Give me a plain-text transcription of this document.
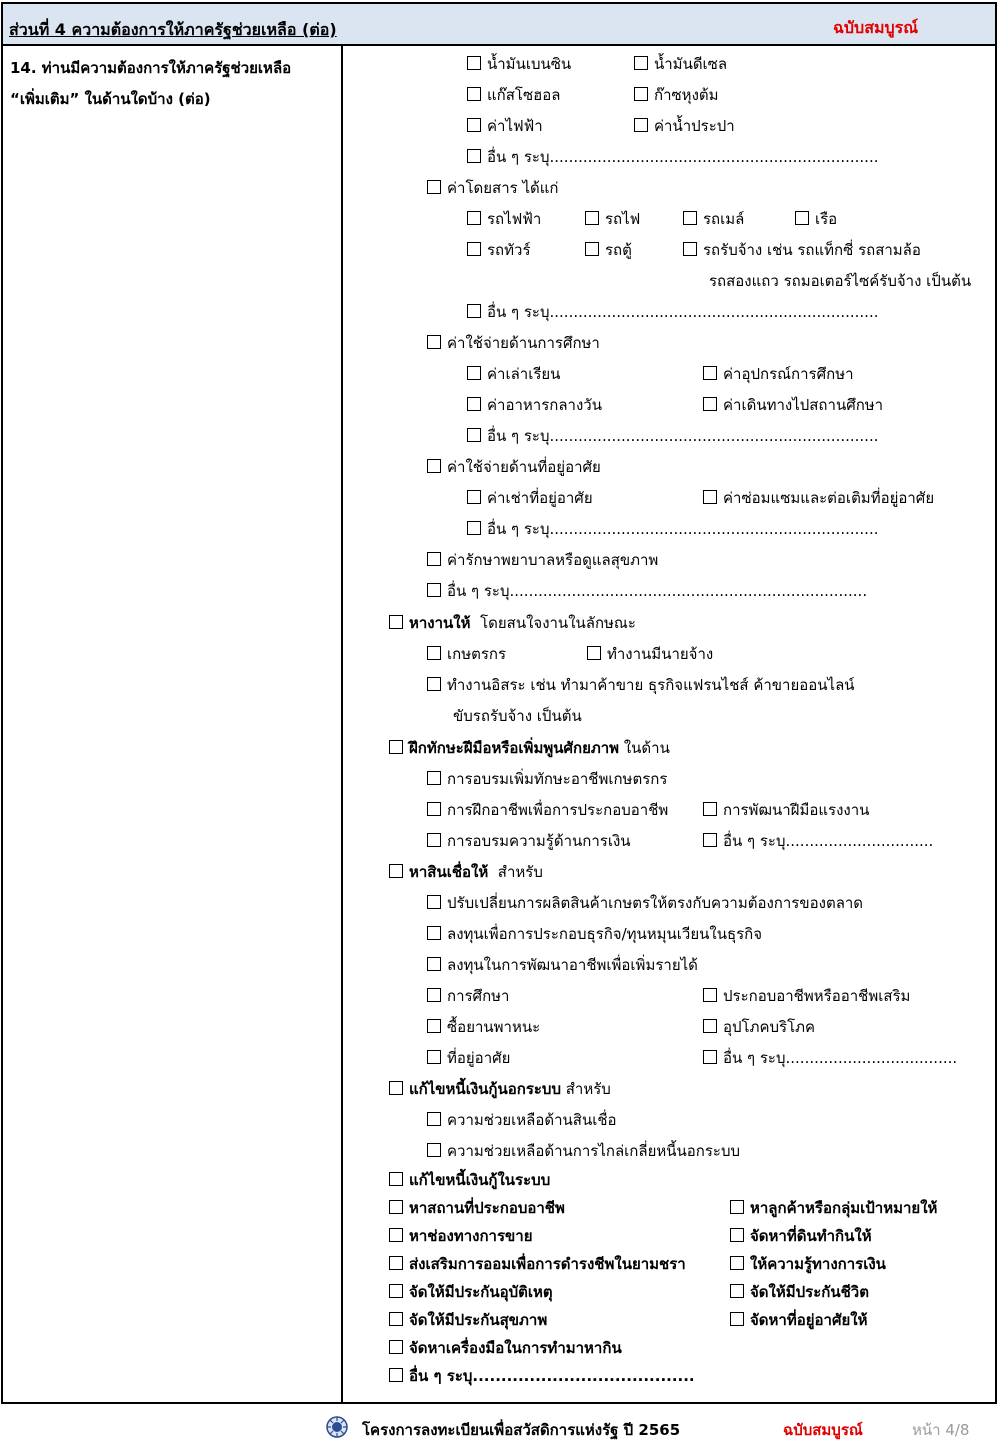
ส่วนที่ 4 ความต้องการให้ภาครัฐช่วยเหลือ (ต่อ)	ฉบับสมบูรณ์
14. ท่านมีความต้องการให้ภาครัฐช่วยเหลือ
“เพิ่มเติม” ในด้านใดบ้าง (ต่อ)
น้ำมันเบนซิน	น้ำมันดีเซล
แก๊สโซฮอล	ก๊าซหุงต้ม
ค่าไฟฟ้า	ค่าน้ำประปา
อื่น ๆ ระบุ.....................................................................
ค่าโดยสาร ได้แก่
รถไฟฟ้า	รถไฟ	รถเมล์	เรือ
รถทัวร์	รถตู้	รถรับจ้าง เช่น รถแท็กซี่ รถสามล้อ
รถสองแถว รถมอเตอร์ไซค์รับจ้าง เป็นต้น
อื่น ๆ ระบุ.....................................................................
ค่าใช้จ่ายด้านการศึกษา
ค่าเล่าเรียน	ค่าอุปกรณ์การศึกษา
ค่าอาหารกลางวัน	ค่าเดินทางไปสถานศึกษา
อื่น ๆ ระบุ.....................................................................
ค่าใช้จ่ายด้านที่อยู่อาศัย
ค่าเช่าที่อยู่อาศัย	ค่าซ่อมแซมและต่อเติมที่อยู่อาศัย
อื่น ๆ ระบุ.....................................................................
ค่ารักษาพยาบาลหรือดูแลสุขภาพ
อื่น ๆ ระบุ...........................................................................
หางานให้ โดยสนใจงานในลักษณะ
เกษตรกร	ทำงานมีนายจ้าง
ทำงานอิสระ เช่น ทำมาค้าขาย ธุรกิจแฟรนไชส์ ค้าขายออนไลน์
ขับรถรับจ้าง เป็นต้น
ฝึกทักษะฝีมือหรือเพิ่มพูนศักยภาพ ในด้าน
การอบรมเพิ่มทักษะอาชีพเกษตรกร
การฝึกอาชีพเพื่อการประกอบอาชีพ	การพัฒนาฝีมือแรงงาน
การอบรมความรู้ด้านการเงิน	อื่น ๆ ระบุ...............................
หาสินเชื่อให้ สำหรับ
ปรับเปลี่ยนการผลิตสินค้าเกษตรให้ตรงกับความต้องการของตลาด
ลงทุนเพื่อการประกอบธุรกิจ/ทุนหมุนเวียนในธุรกิจ
ลงทุนในการพัฒนาอาชีพเพื่อเพิ่มรายได้
การศึกษา	ประกอบอาชีพหรืออาชีพเสริม
ซื้อยานพาหนะ	อุปโภคบริโภค
ที่อยู่อาศัย	อื่น ๆ ระบุ....................................
แก้ไขหนี้เงินกู้นอกระบบ สำหรับ
ความช่วยเหลือด้านสินเชื่อ
ความช่วยเหลือด้านการไกล่เกลี่ยหนี้นอกระบบ
แก้ไขหนี้เงินกู้ในระบบ
หาสถานที่ประกอบอาชีพ	หาลูกค้าหรือกลุ่มเป้าหมายให้
หาช่องทางการขาย	จัดหาที่ดินทำกินให้
ส่งเสริมการออมเพื่อการดำรงชีพในยามชรา	ให้ความรู้ทางการเงิน
จัดให้มีประกันอุบัติเหตุ	จัดให้มีประกันชีวิต
จัดให้มีประกันสุขภาพ	จัดหาที่อยู่อาศัยให้
จัดหาเครื่องมือในการทำมาหากิน
อื่น ๆ ระบุ.......................................
โครงการลงทะเบียนเพื่อสวัสดิการแห่งรัฐ ปี 2565	ฉบับสมบูรณ์	หน้า 4/8
